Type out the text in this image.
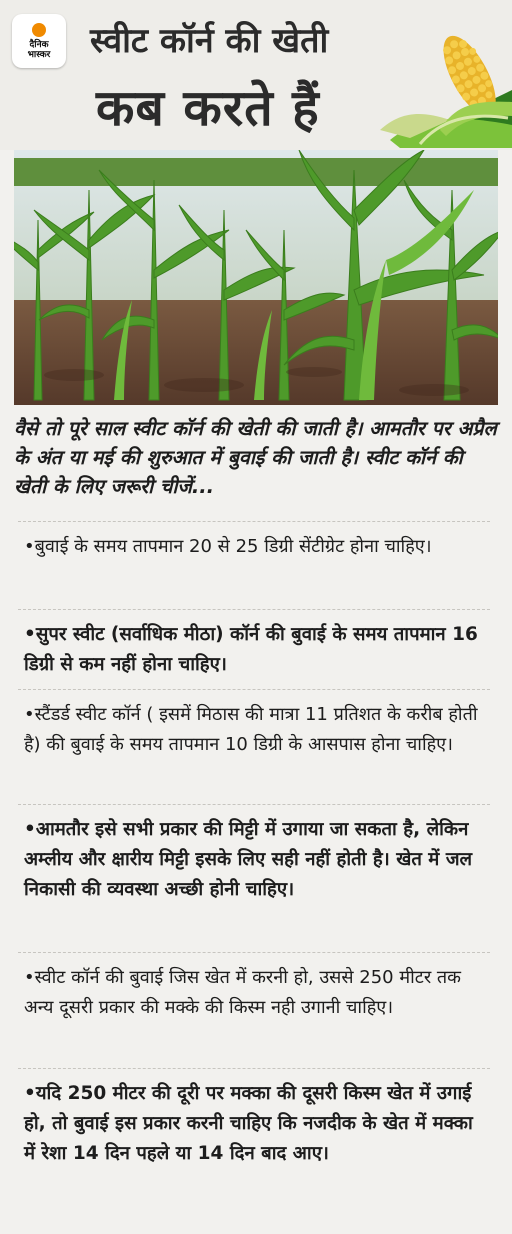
दैनिक
भास्कर स्वीट कॉर्न की खेती
कब करते हैं
वैसे तो पूरे साल स्वीट कॉर्न की खेती की जाती है। आमतौर पर अप्रैल के अंत या मई की शुरुआत में बुवाई की जाती है। स्वीट कॉर्न की खेती के लिए जरूरी चीजें...
•बुवाई के समय तापमान 20 से 25 डिग्री सेंटीग्रेट होना चाहिए।
•सुपर स्वीट (सर्वाधिक मीठा) कॉर्न की बुवाई के समय तापमान 16 डिग्री से कम नहीं होना चाहिए।
•स्टैंडर्ड स्वीट कॉर्न ( इसमें मिठास की मात्रा 11 प्रतिशत के करीब होती है) की बुवाई के समय तापमान 10 डिग्री के आसपास होना चाहिए।
•आमतौर इसे सभी प्रकार की मिट्टी में उगाया जा सकता है, लेकिन अम्लीय और क्षारीय मिट्टी इसके लिए सही नहीं होती है। खेत में जल निकासी की व्यवस्था अच्छी होनी चाहिए।
•स्वीट कॉर्न की बुवाई जिस खेत में करनी हो, उससे 250 मीटर तक अन्य दूसरी प्रकार की मक्के की किस्म नही उगानी चाहिए।
•यदि 250 मीटर की दूरी पर मक्का की दूसरी किस्म खेत में उगाई हो, तो बुवाई इस प्रकार करनी चाहिए कि नजदीक के खेत में मक्का में रेशा 14 दिन पहले या 14 दिन बाद आए।
